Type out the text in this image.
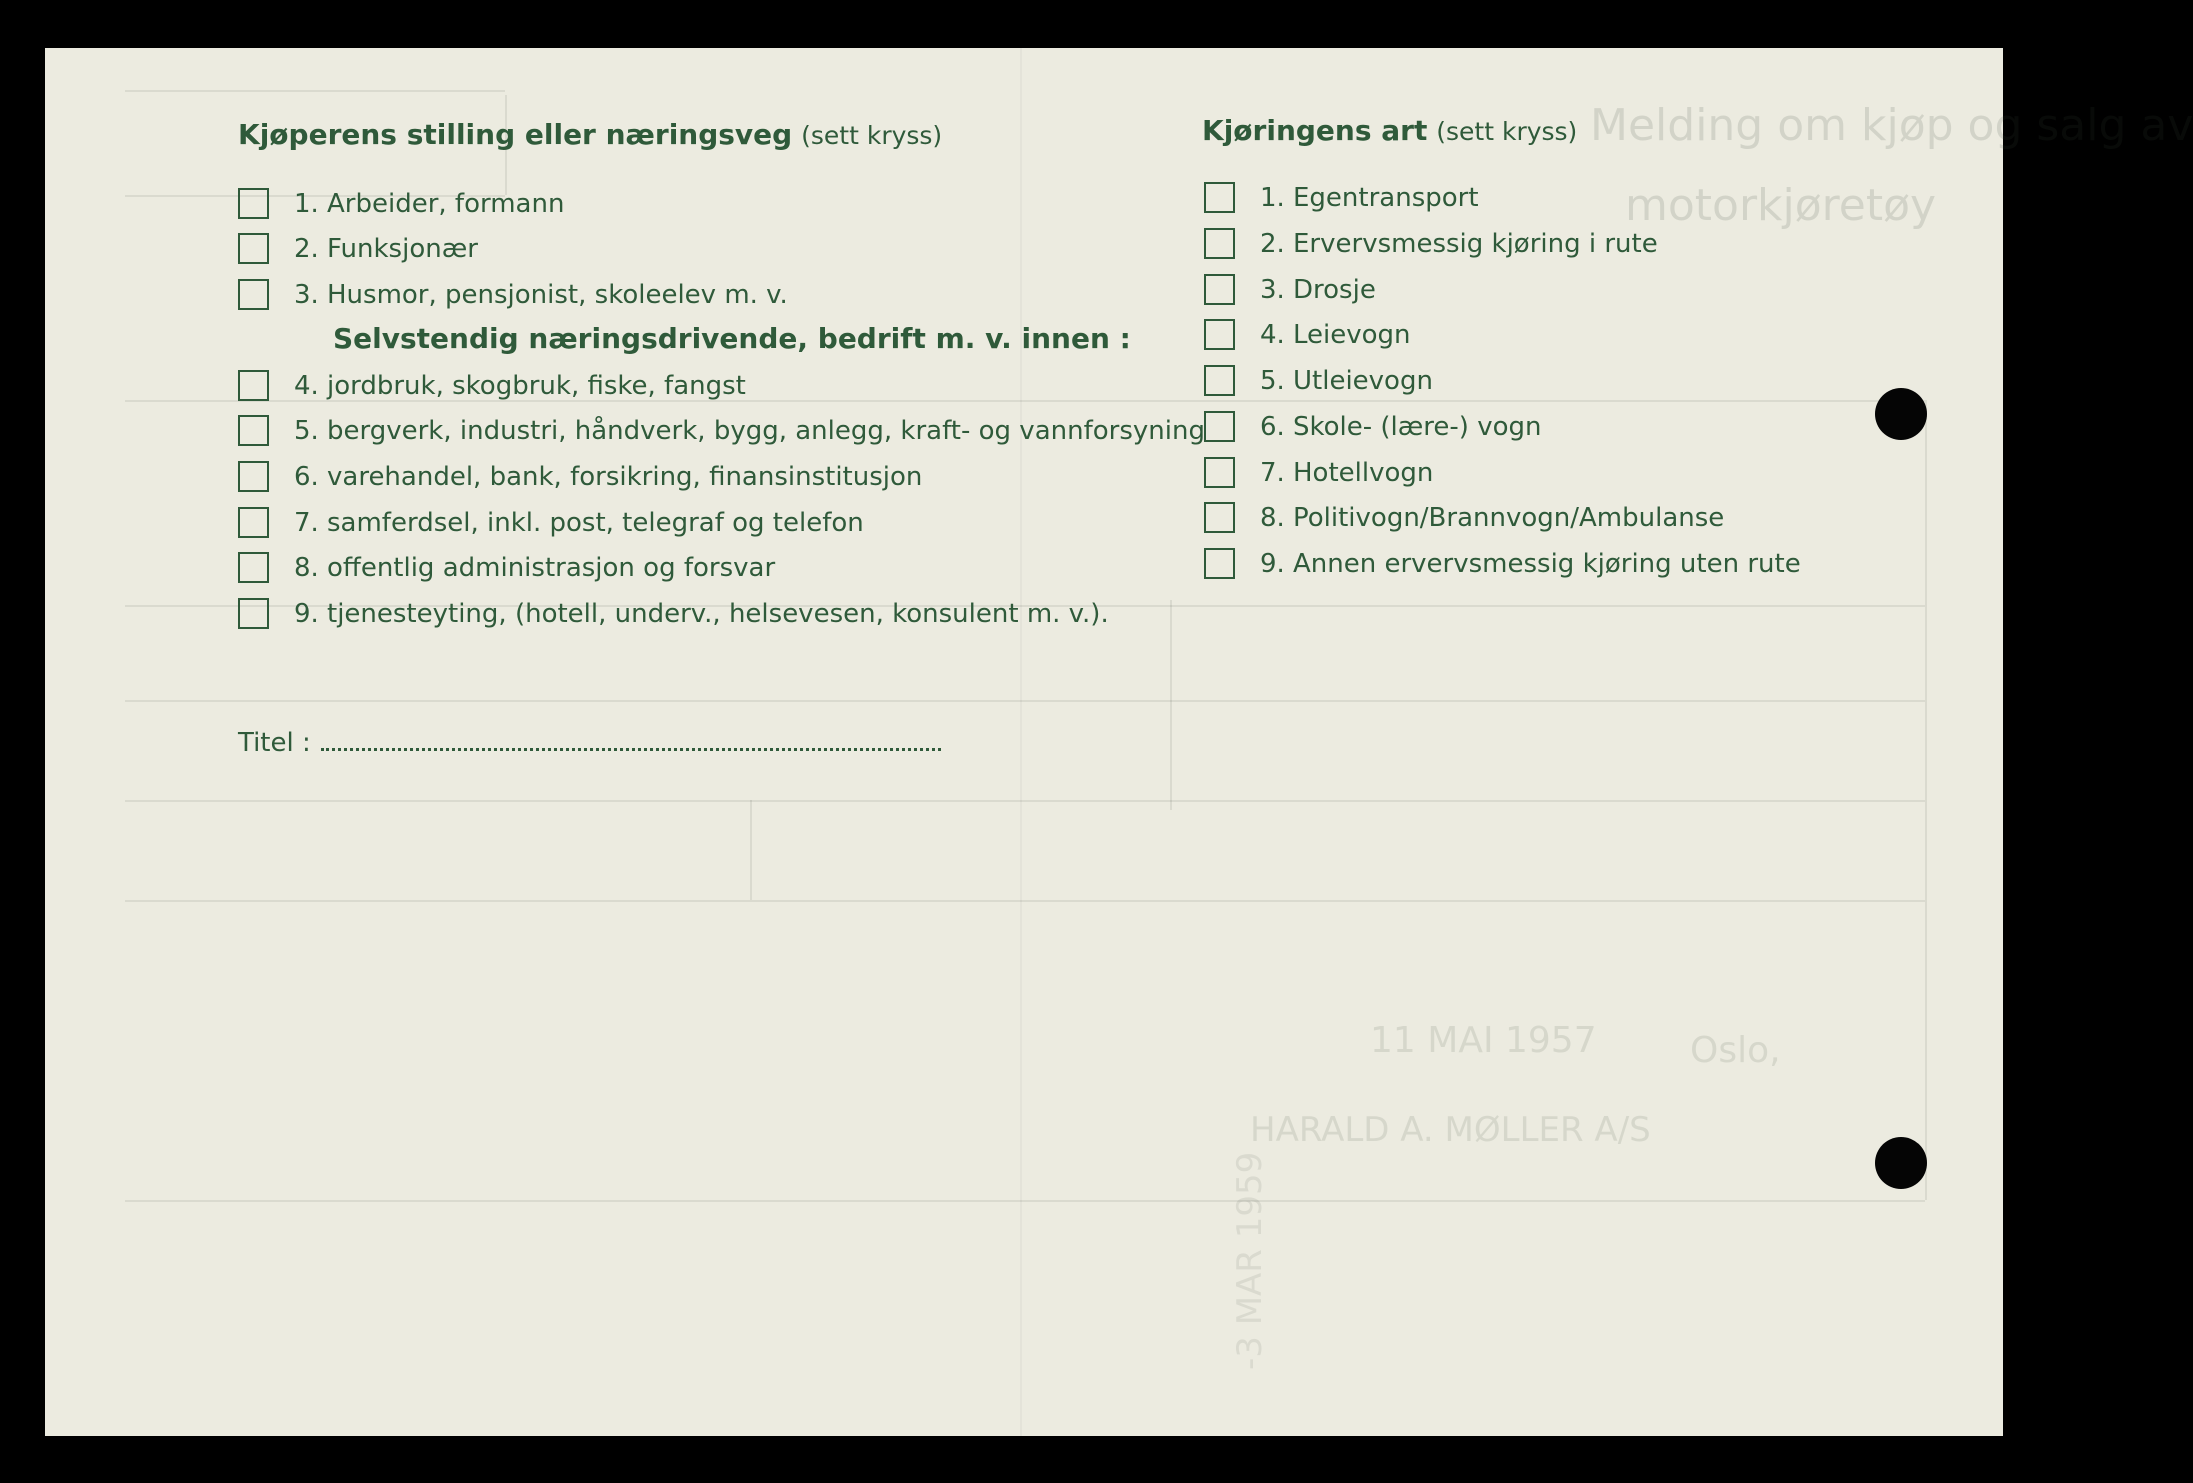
Melding om kjøp og salg av
motorkjøretøy
Oslo,
11 MAI 1957
HARALD A. MØLLER A/S
-3 MAR 1959
Kjøperens stilling eller næringsveg (sett kryss)
1. Arbeider, formann
2. Funksjonær
3. Husmor, pensjonist, skoleelev m. v.
Selvstendig næringsdrivende, bedrift m. v. innen :
4. jordbruk, skogbruk, fiske, fangst
5. bergverk, industri, håndverk, bygg, anlegg, kraft- og vannforsyning
6. varehandel, bank, forsikring, finansinstitusjon
7. samferdsel, inkl. post, telegraf og telefon
8. offentlig administrasjon og forsvar
9. tjenesteyting, (hotell, underv., helsevesen, konsulent m. v.).
Titel :
Kjøringens art (sett kryss)
1. Egentransport
2. Ervervsmessig kjøring i rute
3. Drosje
4. Leievogn
5. Utleievogn
6. Skole- (lære-) vogn
7. Hotellvogn
8. Politivogn/Brannvogn/Ambulanse
9. Annen ervervsmessig kjøring uten rute
